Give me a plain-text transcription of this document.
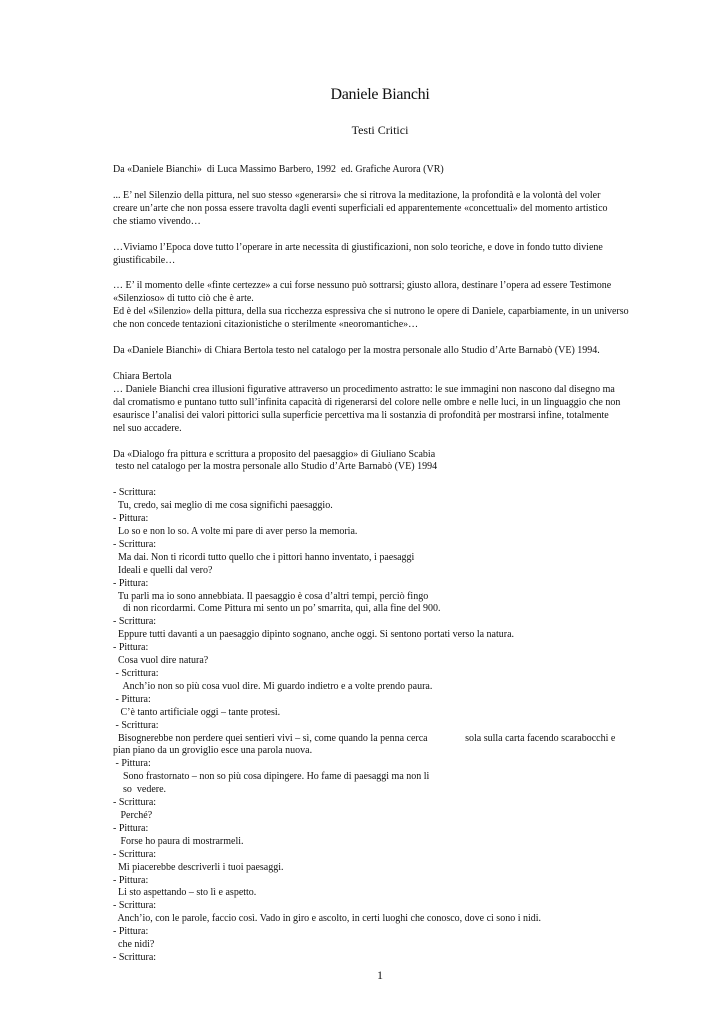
Daniele Bianchi
Testi Critici
Da «Daniele Bianchi»  di Luca Massimo Barbero, 1992  ed. Grafiche Aurora (VR)
... E’ nel Silenzio della pittura, nel suo stesso «generarsi» che si ritrova la meditazione, la profondità e la volontà del voler
creare un’arte che non possa essere travolta dagli eventi superficiali ed apparentemente «concettuali» del momento artistico
che stiamo vivendo…
…Viviamo l’Epoca dove tutto l’operare in arte necessita di giustificazioni, non solo teoriche, e dove in fondo tutto diviene
giustificabile…
… E’ il momento delle «finte certezze» a cui forse nessuno può sottrarsi; giusto allora, destinare l’opera ad essere Testimone
«Silenzioso» di tutto ciò che è arte.
Ed è del «Silenzio» della pittura, della sua ricchezza espressiva che si nutrono le opere di Daniele, caparbiamente, in un universo
che non concede tentazioni citazionistiche o sterilmente «neoromantiche»…
Da «Daniele Bianchi» di Chiara Bertola testo nel catalogo per la mostra personale allo Studio d’Arte Barnabò (VE) 1994.
Chiara Bertola
… Daniele Bianchi crea illusioni figurative attraverso un procedimento astratto: le sue immagini non nascono dal disegno ma
dal cromatismo e puntano tutto sull’infinita capacità di rigenerarsi del colore nelle ombre e nelle luci, in un linguaggio che non
esaurisce l’analisi dei valori pittorici sulla superficie percettiva ma li sostanzia di profondità per mostrarsi infine, totalmente
nel suo accadere.
Da «Dialogo fra pittura e scrittura a proposito del paesaggio» di Giuliano Scabia
testo nel catalogo per la mostra personale allo Studio d’Arte Barnabò (VE) 1994
- Scrittura:
Tu, credo, sai meglio di me cosa significhi paesaggio.
- Pittura:
Lo so e non lo so. A volte mi pare di aver perso la memoria.
- Scrittura:
Ma dai. Non ti ricordi tutto quello che i pittori hanno inventato, i paesaggi
Ideali e quelli dal vero?
- Pittura:
Tu parli ma io sono annebbiata. Il paesaggio è cosa d’altri tempi, perciò fingo
di non ricordarmi. Come Pittura mi sento un po’ smarrita, qui, alla fine del 900.
- Scrittura:
Eppure tutti davanti a un paesaggio dipinto sognano, anche oggi. Si sentono portati verso la natura.
- Pittura:
Cosa vuol dire natura?
- Scrittura:
Anch’io non so più cosa vuol dire. Mi guardo indietro e a volte prendo paura.
- Pittura:
C’è tanto artificiale oggi – tante protesi.
- Scrittura:
Bisognerebbe non perdere quei sentieri vivi – sì, come quando la penna cerca               sola sulla carta facendo scarabocchi e
pian piano da un groviglio esce una parola nuova.
- Pittura:
Sono frastornato – non so più cosa dipingere. Ho fame di paesaggi ma non li
so  vedere.
- Scrittura:
Perché?
- Pittura:
Forse ho paura di mostrarmeli.
- Scrittura:
Mi piacerebbe descriverli i tuoi paesaggi.
- Pittura:
Li sto aspettando – sto lì e aspetto.
- Scrittura:
Anch’io, con le parole, faccio così. Vado in giro e ascolto, in certi luoghi che conosco, dove ci sono i nidi.
- Pittura:
che nidi?
- Scrittura:
1
